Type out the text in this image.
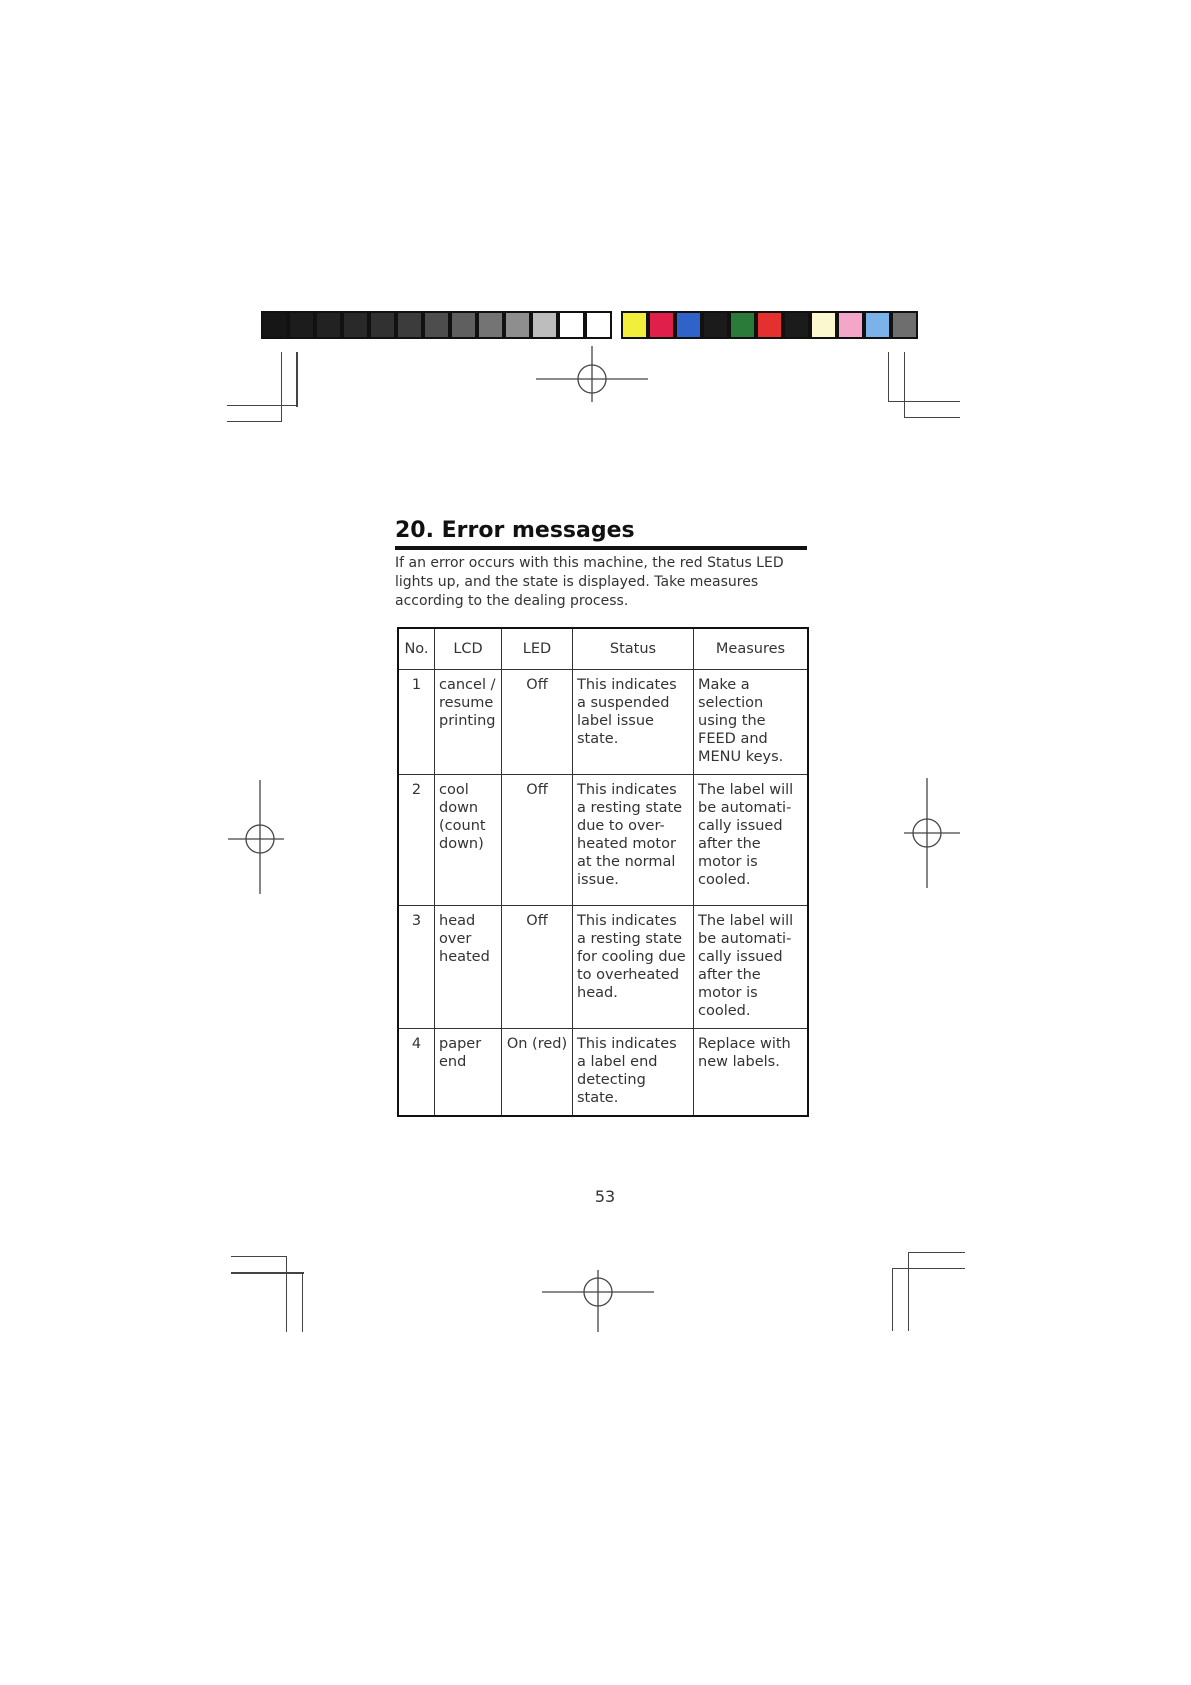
20. Error messages
If an error occurs with this machine, the red Status LED lights up, and the state is displayed. Take measures according to the dealing process.
No.	LCD	LED	Status	Measures
1	cancel / resume printing	Off	This indicates a suspended label issue state.	Make a selection using the FEED and MENU keys.
2	cool down (count down)	Off	This indicates a resting state due to over-heated motor at the normal issue.	The label will be automati-cally issued after the motor is cooled.
3	head over heated	Off	This indicates a resting state for cooling due to overheated head.	The label will be automati-cally issued after the motor is cooled.
4	paper end	On (red)	This indicates a label end detecting state.	Replace with new labels.
53
